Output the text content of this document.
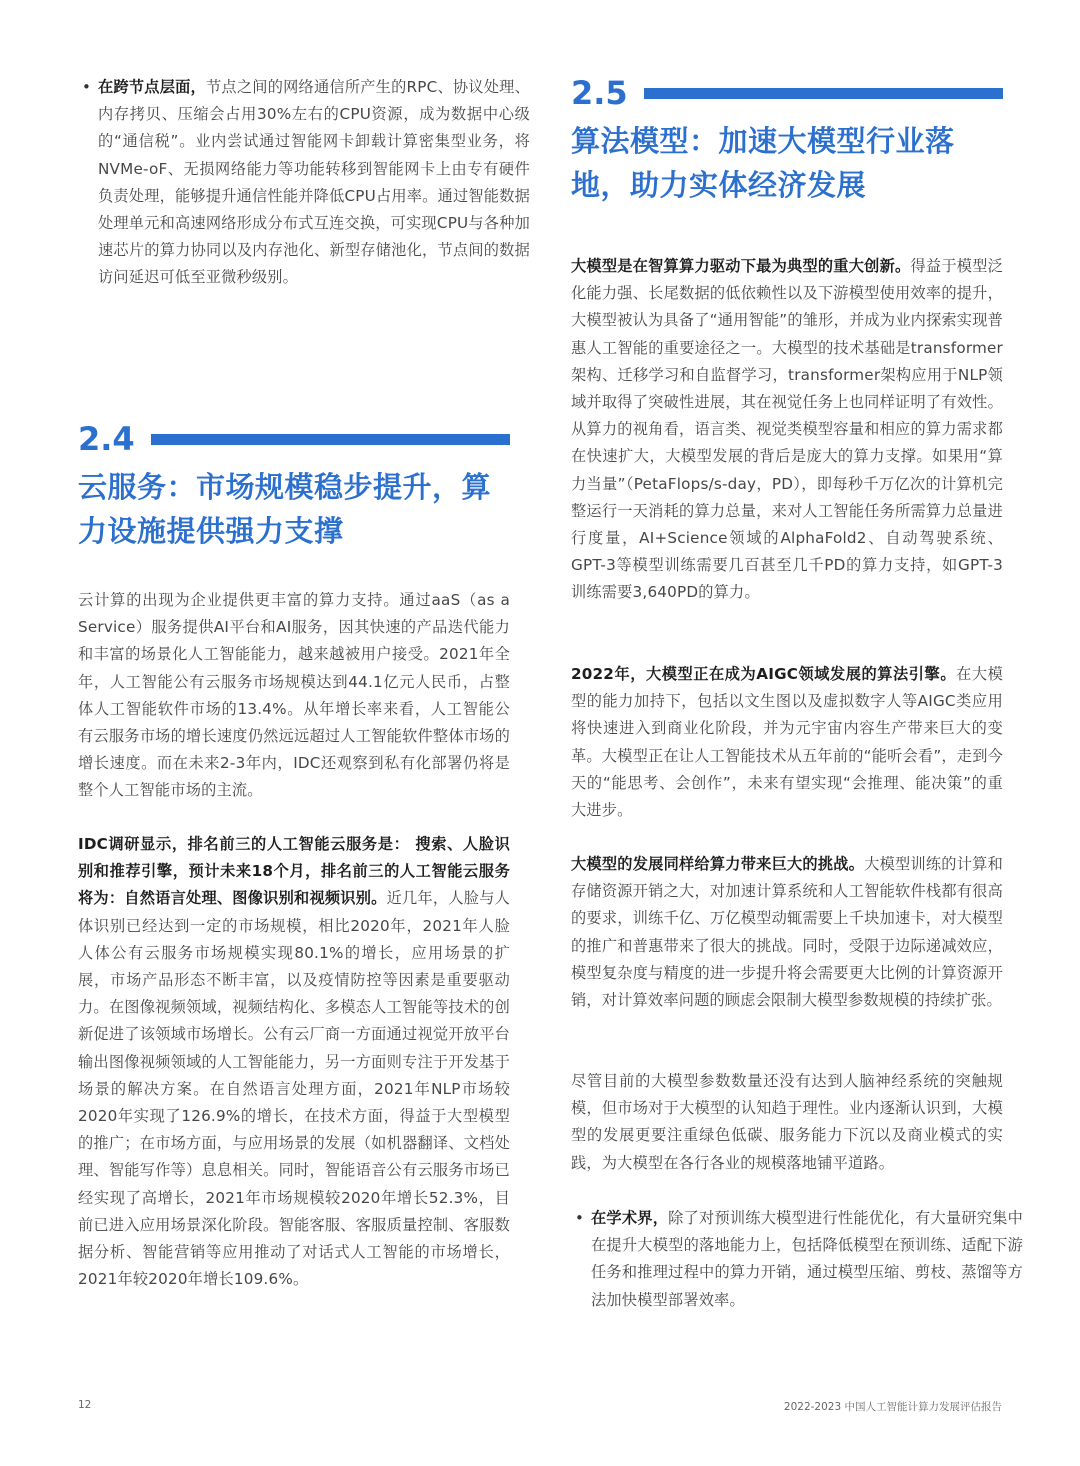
• 在跨节点层面，节点之间的网络通信所产生的RPC、协议处理、内存拷贝、压缩会占用30%左右的CPU资源，成为数据中心级的“通信税”。业内尝试通过智能网卡卸载计算密集型业务，将NVMe-oF、无损网络能力等功能转移到智能网卡上由专有硬件负责处理，能够提升通信性能并降低CPU占用率。通过智能数据处理单元和高速网络形成分布式互连交换，可实现CPU与各种加速芯片的算力协同以及内存池化、新型存储池化，节点间的数据访问延迟可低至亚微秒级别。

2.4
云服务：市场规模稳步提升，算力设施提供强力支撑

云计算的出现为企业提供更丰富的算力支持。通过aaS（as a Service）服务提供AI平台和AI服务，因其快速的产品迭代能力和丰富的场景化人工智能能力，越来越被用户接受。2021年全年，人工智能公有云服务市场规模达到44.1亿元人民币，占整体人工智能软件市场的13.4%。从年增长率来看，人工智能公有云服务市场的增长速度仍然远远超过人工智能软件整体市场的增长速度。而在未来2-3年内，IDC还观察到私有化部署仍将是整个人工智能市场的主流。

IDC调研显示，排名前三的人工智能云服务是： 搜索、人脸识别和推荐引擎，预计未来18个月，排名前三的人工智能云服务将为：自然语言处理、图像识别和视频识别。近几年，人脸与人体识别已经达到一定的市场规模，相比2020年，2021年人脸人体公有云服务市场规模实现80.1%的增长，应用场景的扩展，市场产品形态不断丰富，以及疫情防控等因素是重要驱动力。在图像视频领域，视频结构化、多模态人工智能等技术的创新促进了该领域市场增长。公有云厂商一方面通过视觉开放平台输出图像视频领域的人工智能能力，另一方面则专注于开发基于场景的解决方案。在自然语言处理方面，2021年NLP市场较2020年实现了126.9%的增长，在技术方面，得益于大型模型的推广；在市场方面，与应用场景的发展（如机器翻译、文档处理、智能写作等）息息相关。同时，智能语音公有云服务市场已经实现了高增长，2021年市场规模较2020年增长52.3%，目前已进入应用场景深化阶段。智能客服、客服质量控制、客服数据分析、智能营销等应用推动了对话式人工智能的市场增长，2021年较2020年增长109.6%。

2.5
算法模型：加速大模型行业落地，助力实体经济发展

大模型是在智算算力驱动下最为典型的重大创新。得益于模型泛化能力强、长尾数据的低依赖性以及下游模型使用效率的提升，大模型被认为具备了“通用智能”的雏形，并成为业内探索实现普惠人工智能的重要途径之一。大模型的技术基础是transformer架构、迁移学习和自监督学习，transformer架构应用于NLP领域并取得了突破性进展，其在视觉任务上也同样证明了有效性。从算力的视角看，语言类、视觉类模型容量和相应的算力需求都在快速扩大，大模型发展的背后是庞大的算力支撑。如果用“算力当量”（PetaFlops/s-day，PD），即每秒千万亿次的计算机完整运行一天消耗的算力总量，来对人工智能任务所需算力总量进行度量，AI+Science领域的AlphaFold2、自动驾驶系统、GPT-3等模型训练需要几百甚至几千PD的算力支持，如GPT-3训练需要3,640PD的算力。

2022年，大模型正在成为AIGC领域发展的算法引擎。在大模型的能力加持下，包括以文生图以及虚拟数字人等AIGC类应用将快速进入到商业化阶段，并为元宇宙内容生产带来巨大的变革。大模型正在让人工智能技术从五年前的“能听会看”，走到今天的“能思考、会创作”，未来有望实现“会推理、能决策”的重大进步。

大模型的发展同样给算力带来巨大的挑战。大模型训练的计算和存储资源开销之大，对加速计算系统和人工智能软件栈都有很高的要求，训练千亿、万亿模型动辄需要上千块加速卡，对大模型的推广和普惠带来了很大的挑战。同时，受限于边际递减效应，模型复杂度与精度的进一步提升将会需要更大比例的计算资源开销，对计算效率问题的顾虑会限制大模型参数规模的持续扩张。

尽管目前的大模型参数数量还没有达到人脑神经系统的突触规模，但市场对于大模型的认知趋于理性。业内逐渐认识到，大模型的发展更要注重绿色低碳、服务能力下沉以及商业模式的实践，为大模型在各行各业的规模落地铺平道路。

• 在学术界，除了对预训练大模型进行性能优化，有大量研究集中在提升大模型的落地能力上，包括降低模型在预训练、适配下游任务和推理过程中的算力开销，通过模型压缩、剪枝、蒸馏等方法加快模型部署效率。

12	2022-2023 中国人工智能计算力发展评估报告
